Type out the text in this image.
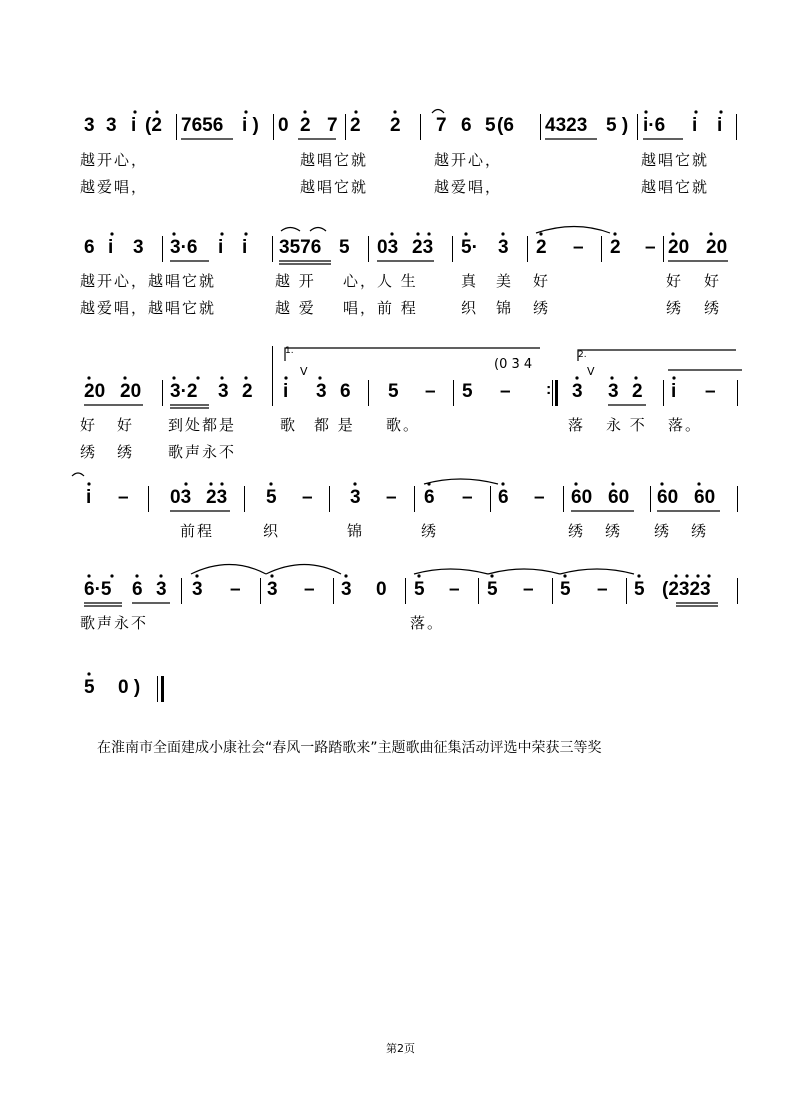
3 3 i (2 7656 i ) 0 2 7 2 2 7 6 5 (6 4323 5 ) i·6 i i
越开心，	越唱它就	越开心，	越唱它就
越爱唱，	越唱它就	越爱唱，	越唱它就
6 i 3 3·6 i i 3576 5 03 23 5· 3 2 – 2 – 20 20
越开心，越唱它就	越 开 心，人 生	真 美 好	好 好
越爱唱，越唱它就	越 爱 唱，前 程	织 锦 绣	绣 绣
20 20 3·2 3 2 i 3 6 5 – 5 – : 3 3 2 i –
1.	2.
V	V
(0 3̇ 4̇
好 好 到处都是	歌 都 是 歌。	落 永 不 落。
绣 绣 歌声永不
i – 03 23 5 – 3 – 6 – 6 – 60 60 60 60
前程	织	锦	绣	绣 绣 绣 绣
6·5 6 3 3 – 3 – 3 0 5 – 5 – 5 – 5 (2323
歌声永不	落。
5 0 )
在淮南市全面建成小康社会“春风一路踏歌来”主题歌曲征集活动评选中荣获三等奖
第2页
